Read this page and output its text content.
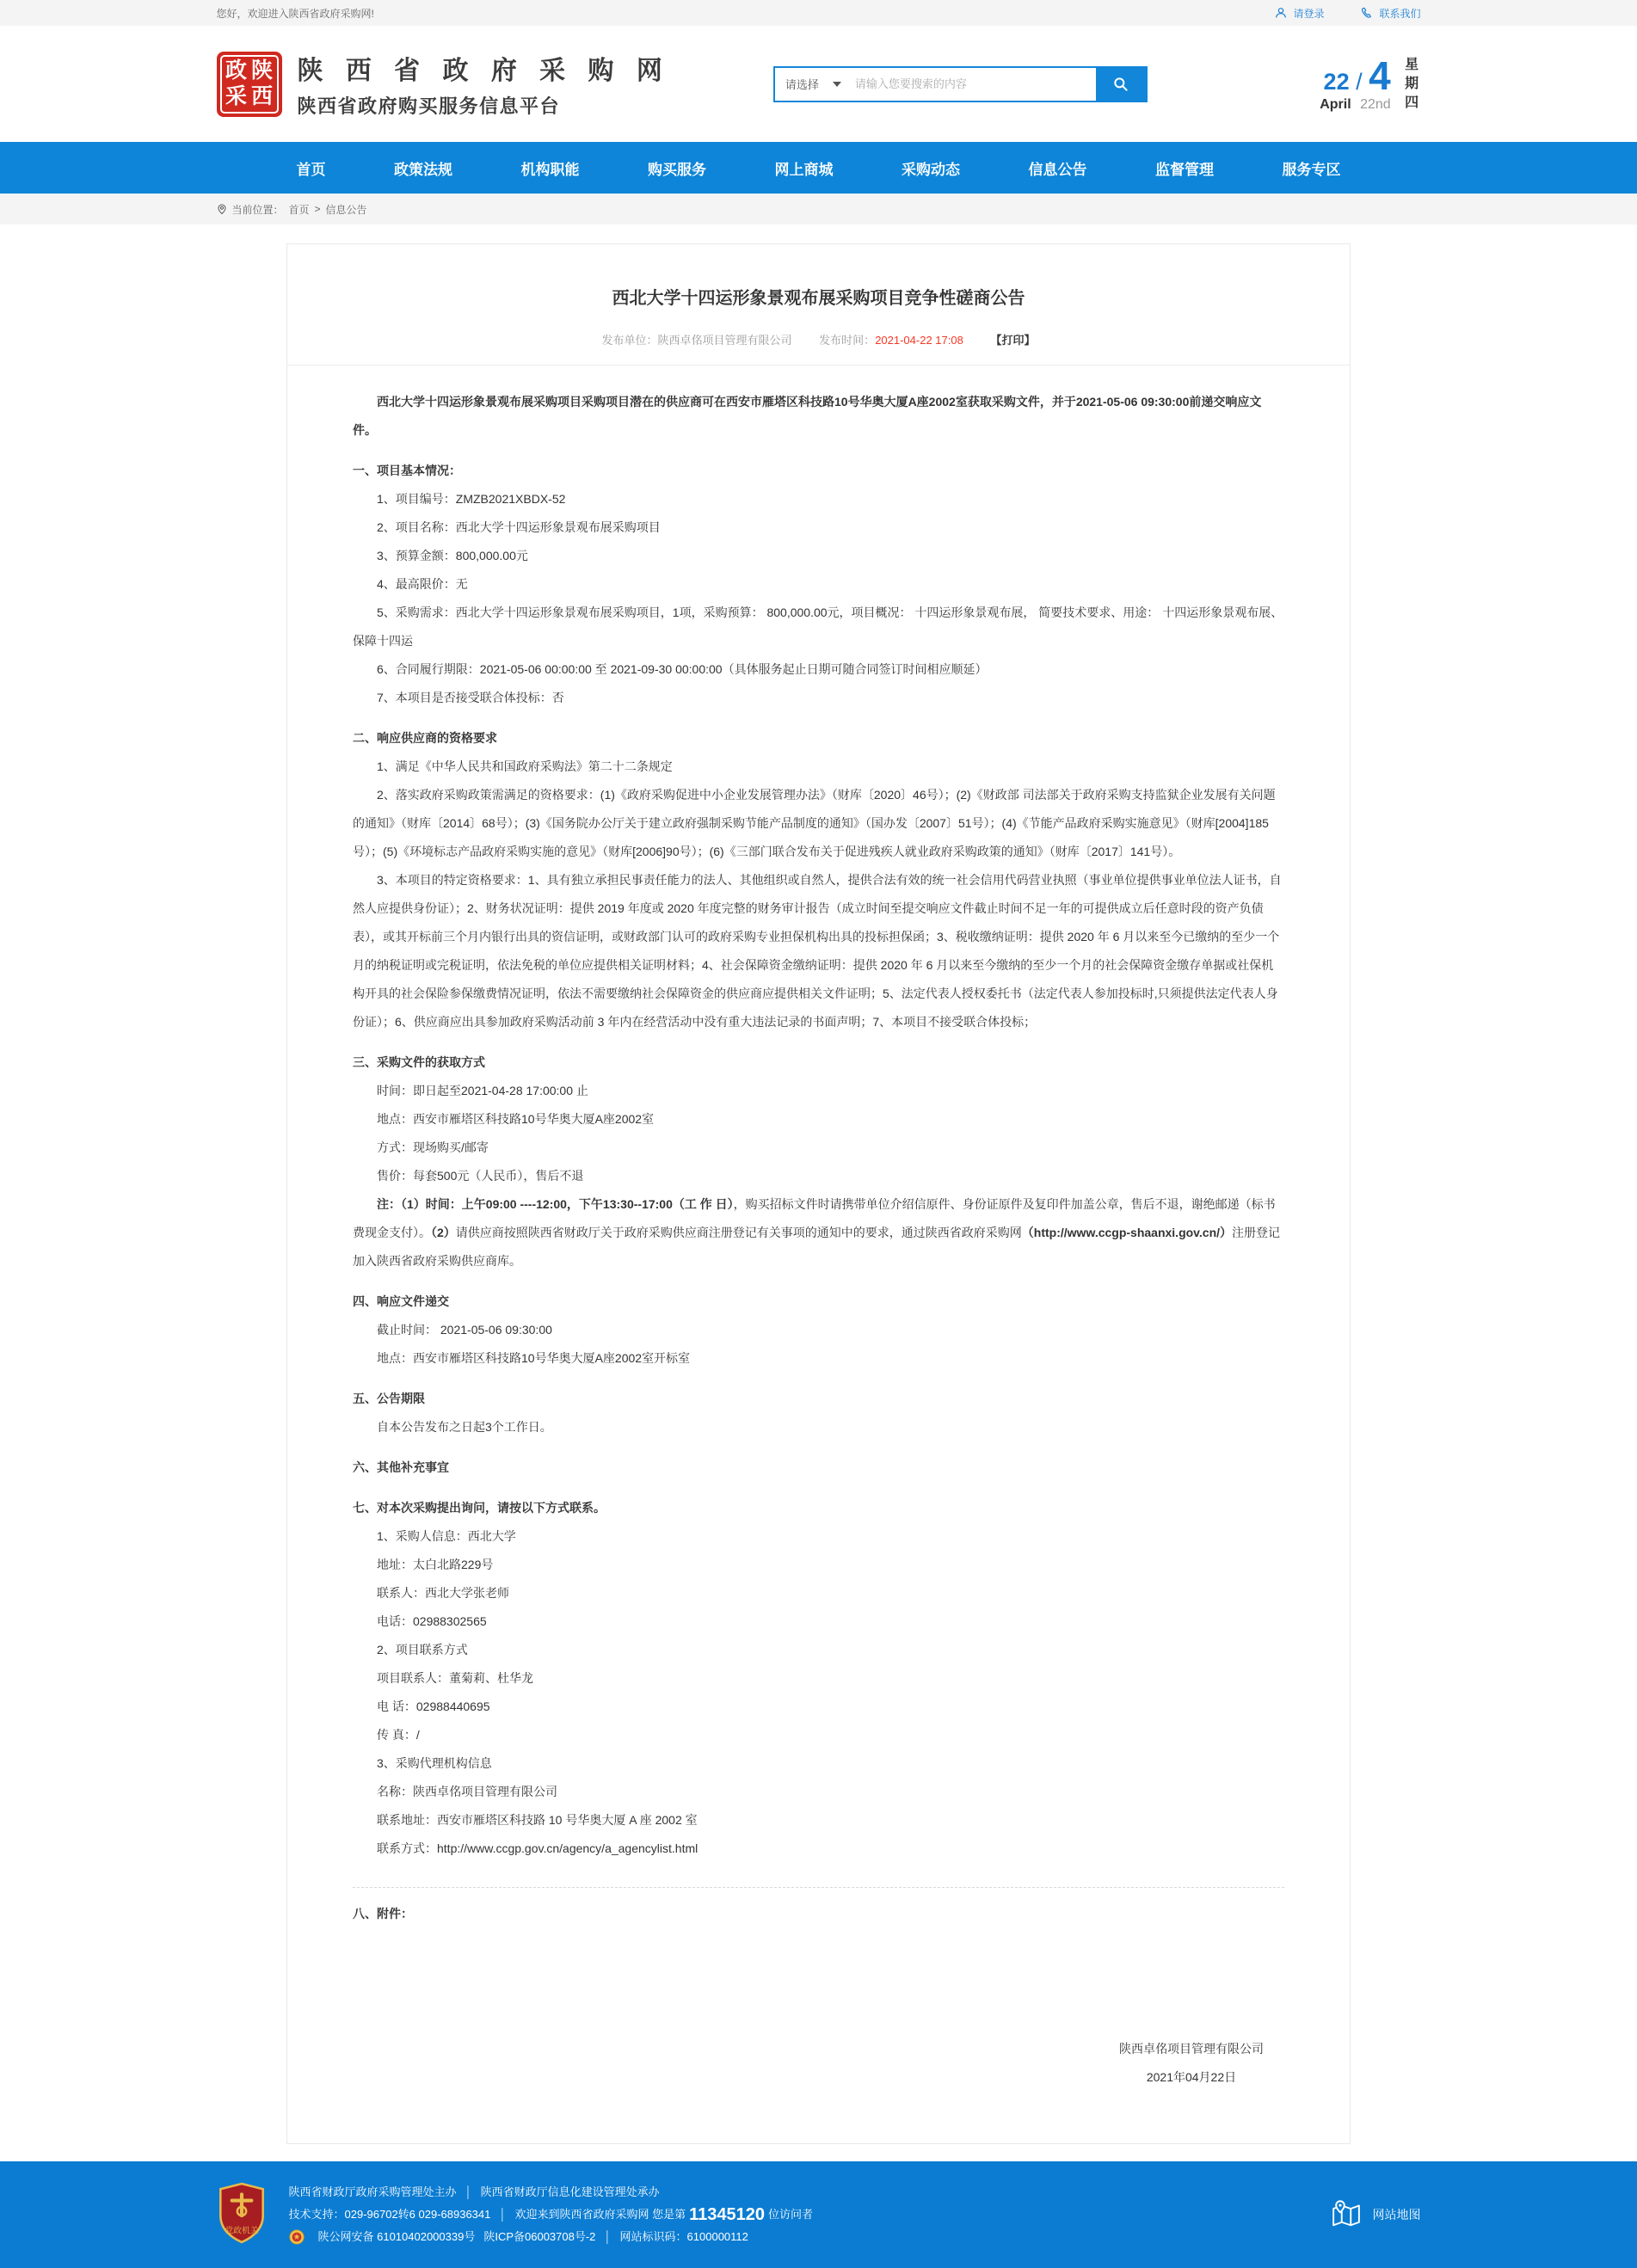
您好，欢迎进入陕西省政府采购网!	请登录	联系我们
政 陕
采 西
陕 西 省 政 府 采 购 网
陕西省政府购买服务信息平台
请选择
请输入您要搜索的内容	22 / 4
April 22nd
星期四
首页	政策法规	机构职能	购买服务	网上商城	采购动态	信息公告	监督管理	服务专区
当前位置： 首页 > 信息公告
西北大学十四运形象景观布展采购项目竞争性磋商公告
发布单位：陕西卓佲项目管理有限公司 发布时间：2021-04-22 17:08 【打印】

西北大学十四运形象景观布展采购项目采购项目潜在的供应商可在西安市雁塔区科技路10号华奥大厦A座2002室获取采购文件，并于2021-05-06 09:30:00前递交响应文件。

一、项目基本情况：

1、项目编号：ZMZB2021XBDX-52

2、项目名称：西北大学十四运形象景观布展采购项目

3、预算金额：800,000.00元

4、最高限价：无

5、采购需求：西北大学十四运形象景观布展采购项目，1项，采购预算： 800,000.00元，项目概况： 十四运形象景观布展， 简要技术要求、用途： 十四运形象景观布展、保障十四运

6、合同履行期限：2021-05-06 00:00:00 至 2021-09-30 00:00:00（具体服务起止日期可随合同签订时间相应顺延）

7、本项目是否接受联合体投标：否

二、响应供应商的资格要求

1、满足《中华人民共和国政府采购法》第二十二条规定

2、落实政府采购政策需满足的资格要求：(1)《政府采购促进中小企业发展管理办法》（财库〔2020〕46号）；(2)《财政部 司法部关于政府采购支持监狱企业发展有关问题的通知》（财库〔2014〕68号）；(3)《国务院办公厅关于建立政府强制采购节能产品制度的通知》（国办发〔2007〕51号）；(4)《节能产品政府采购实施意见》（财库[2004]185号）；(5)《环境标志产品政府采购实施的意见》（财库[2006]90号）；(6)《三部门联合发布关于促进残疾人就业政府采购政策的通知》（财库〔2017〕141号）。

3、本项目的特定资格要求：1、具有独立承担民事责任能力的法人、其他组织或自然人，提供合法有效的统一社会信用代码营业执照（事业单位提供事业单位法人证书，自然人应提供身份证）；2、财务状况证明：提供 2019 年度或 2020 年度完整的财务审计报告（成立时间至提交响应文件截止时间不足一年的可提供成立后任意时段的资产负债表），或其开标前三个月内银行出具的资信证明，或财政部门认可的政府采购专业担保机构出具的投标担保函；3、税收缴纳证明：提供 2020 年 6 月以来至今已缴纳的至少一个月的纳税证明或完税证明，依法免税的单位应提供相关证明材料；4、社会保障资金缴纳证明：提供 2020 年 6 月以来至今缴纳的至少一个月的社会保障资金缴存单据或社保机构开具的社会保险参保缴费情况证明，依法不需要缴纳社会保障资金的供应商应提供相关文件证明；5、法定代表人授权委托书（法定代表人参加投标时,只须提供法定代表人身份证）；6、供应商应出具参加政府采购活动前 3 年内在经营活动中没有重大违法记录的书面声明；7、本项目不接受联合体投标；

三、采购文件的获取方式

时间：即日起至2021-04-28 17:00:00 止

地点：西安市雁塔区科技路10号华奥大厦A座2002室

方式：现场购买/邮寄

售价：每套500元（人民币），售后不退

注：（1）时间：上午09:00 ----12:00，下午13:30--17:00（工 作 日），购买招标文件时请携带单位介绍信原件、身份证原件及复印件加盖公章，售后不退，谢绝邮递（标书费现金支付）。（2）请供应商按照陕西省财政厅关于政府采购供应商注册登记有关事项的通知中的要求，通过陕西省政府采购网（http://www.ccgp-shaanxi.gov.cn/）注册登记加入陕西省政府采购供应商库。

四、响应文件递交

截止时间： 2021-05-06 09:30:00

地点：西安市雁塔区科技路10号华奥大厦A座2002室开标室

五、公告期限

自本公告发布之日起3个工作日。

六、其他补充事宜

七、对本次采购提出询问，请按以下方式联系。

1、采购人信息：西北大学

地址：太白北路229号

联系人：西北大学张老师

电话：02988302565

2、项目联系方式

项目联系人：董菊莉、杜华龙

电 话：02988440695

传 真：/

3、采购代理机构信息

名称：陕西卓佲项目管理有限公司

联系地址：西安市雁塔区科技路 10 号华奥大厦 A 座 2002 室

联系方式：http://www.ccgp.gov.cn/agency/a_agencylist.html

八、附件：

陕西卓佲项目管理有限公司
2021年04月22日
党政机关
陕西省财政厅政府采购管理处主办 │ 陕西省财政厅信息化建设管理处承办
技术支持：029-96702转6 029-68936341 │ 欢迎来到陕西省政府采购网 您是第 11345120 位访问者
陕公网安备 61010402000339号 陕ICP备06003708号-2 │ 网站标识码：6100000112
网站地图
